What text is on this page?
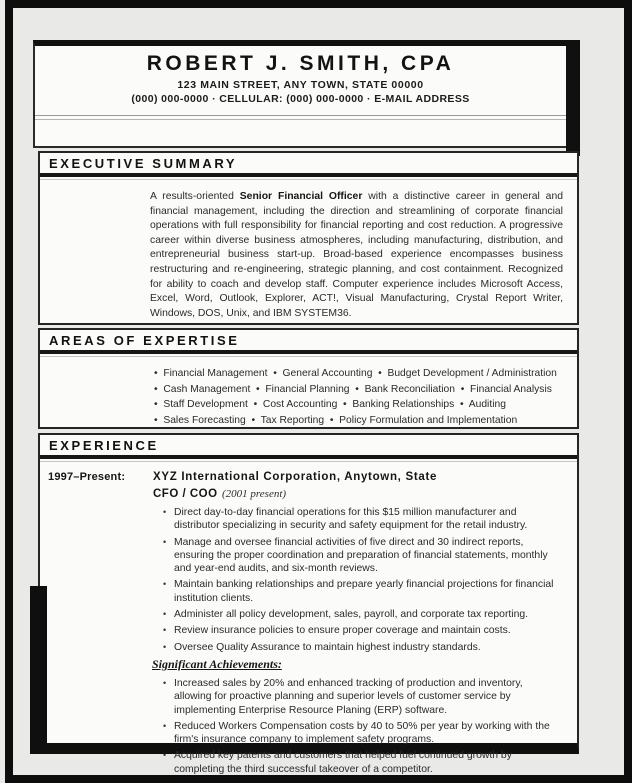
ROBERT J. SMITH, CPA
123 MAIN STREET, ANY TOWN, STATE 00000
(000) 000-0000 · CELLULAR: (000) 000-0000 · E-MAIL ADDRESS
EXECUTIVE SUMMARY

A results-oriented Senior Financial Officer with a distinctive career in general and financial management, including the direction and streamlining of corporate financial operations with full responsibility for financial reporting and cost reduction. A progressive career within diverse business atmospheres, including manufacturing, distribution, and entrepreneurial business start-up. Broad-based experience encompasses business restructuring and re-engineering, strategic planning, and cost containment. Recognized for ability to coach and develop staff. Computer experience includes Microsoft Access, Excel, Word, Outlook, Explorer, ACT!, Visual Manufacturing, Crystal Report Writer, Windows, DOS, Unix, and IBM SYSTEM36.

AREAS OF EXPERTISE
•  Financial Management  •  General Accounting  •  Budget Development / Administration
•  Cash Management  •  Financial Planning  •  Bank Reconciliation  •  Financial Analysis
•  Staff Development  •  Cost Accounting  •  Banking Relationships  •  Auditing
•  Sales Forecasting  •  Tax Reporting  •  Policy Formulation and Implementation
EXPERIENCE
1997–Present:	XYZ International Corporation, Anytown, State
CFO / COO (2001 present)
• Direct day-to-day financial operations for this $15 million manufacturer and distributor specializing in security and safety equipment for the retail industry.
• Manage and oversee financial activities of five direct and 30 indirect reports, ensuring the proper coordination and preparation of financial statements, monthly and year-end audits, and six-month reviews.
• Maintain banking relationships and prepare yearly financial projections for financial institution clients.
• Administer all policy development, sales, payroll, and corporate tax reporting.
• Review insurance policies to ensure proper coverage and maintain costs.
• Oversee Quality Assurance to maintain highest industry standards.
Significant Achievements:
• Increased sales by 20% and enhanced tracking of production and inventory, allowing for proactive planning and superior levels of customer service by implementing Enterprise Resource Planing (ERP) software.
• Reduced Workers Compensation costs by 40 to 50% per year by working with the firm's insurance company to implement safety programs.
• Acquired key patents and customers that helped fuel continued growth by completing the third successful takeover of a competitor.
